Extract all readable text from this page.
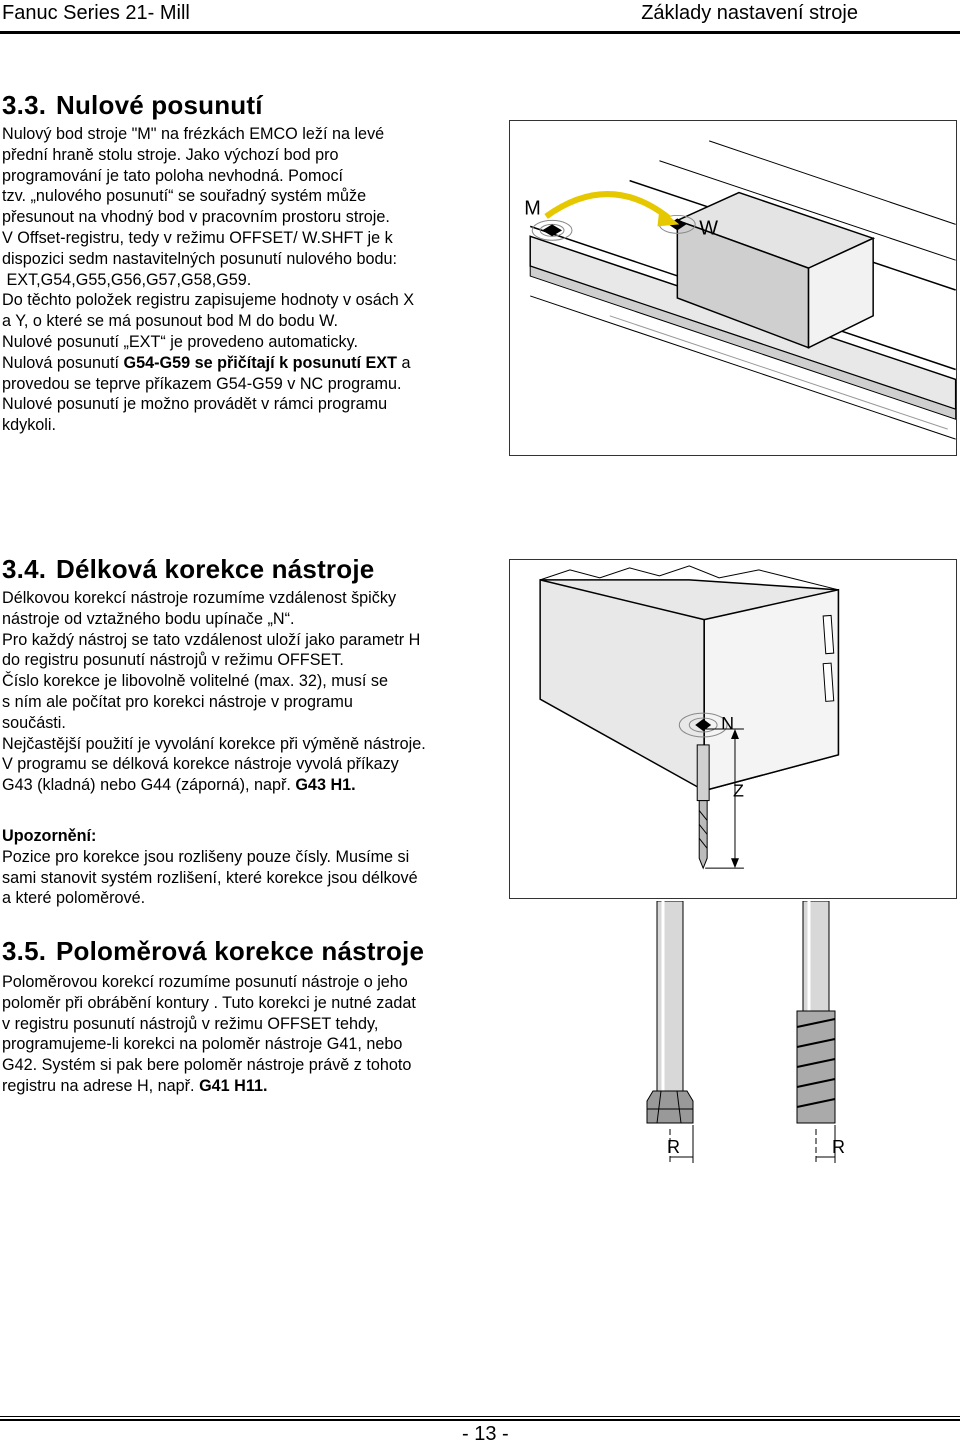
Fanuc Series 21- Mill	Základy nastavení stroje
3.3. Nulové posunutí

Nulový bod stroje "M" na frézkách EMCO leží na levé

přední hraně stolu stroje. Jako výchozí bod pro

programování je tato poloha nevhodná. Pomocí

tzv. „nulového posunutí“ se souřadný systém může

přesunout na vhodný bod v pracovním prostoru stroje.

V Offset-registru, tedy v režimu OFFSET/ W.SHFT je k

dispozici sedm nastavitelných posunutí nulového bodu:

EXT,G54,G55,G56,G57,G58,G59.

Do těchto položek registru zapisujeme hodnoty v osách X

a Y, o které se má posunout bod M do bodu W.

Nulové posunutí „EXT“ je provedeno automaticky.

Nulová posunutí G54-G59 se přičítají k posunutí EXT a

provedou se teprve příkazem G54-G59 v NC programu.

Nulové posunutí je možno provádět v rámci programu

kdykoli.

M
W
3.4. Délková korekce nástroje

Délkovou korekcí nástroje rozumíme vzdálenost špičky

nástroje od vztažného bodu upínače „N“.

Pro každý nástroj se tato vzdálenost uloží jako parametr H

do registru posunutí nástrojů v režimu OFFSET.

Číslo korekce je libovolně volitelné (max. 32), musí se

s ním ale počítat pro korekci nástroje v programu

součásti.

Nejčastější použití je vyvolání korekce při výměně nástroje.

V programu se délková korekce nástroje vyvolá příkazy

G43 (kladná) nebo G44 (záporná), např. G43 H1.

N
Z

Upozornění:

Pozice pro korekce jsou rozlišeny pouze čísly. Musíme si

sami stanovit systém rozlišení, které korekce jsou délkové

a které poloměrové.

3.5. Poloměrová korekce nástroje

Poloměrovou korekcí rozumíme posunutí nástroje o jeho

poloměr při obrábění kontury . Tuto korekci je nutné zadat

v registru posunutí nástrojů v režimu OFFSET tehdy,

programujeme-li korekci na poloměr nástroje G41, nebo

G42. Systém si pak bere poloměr nástroje právě z tohoto

registru na adrese H, např. G41 H11.

R	R
- 13 -
